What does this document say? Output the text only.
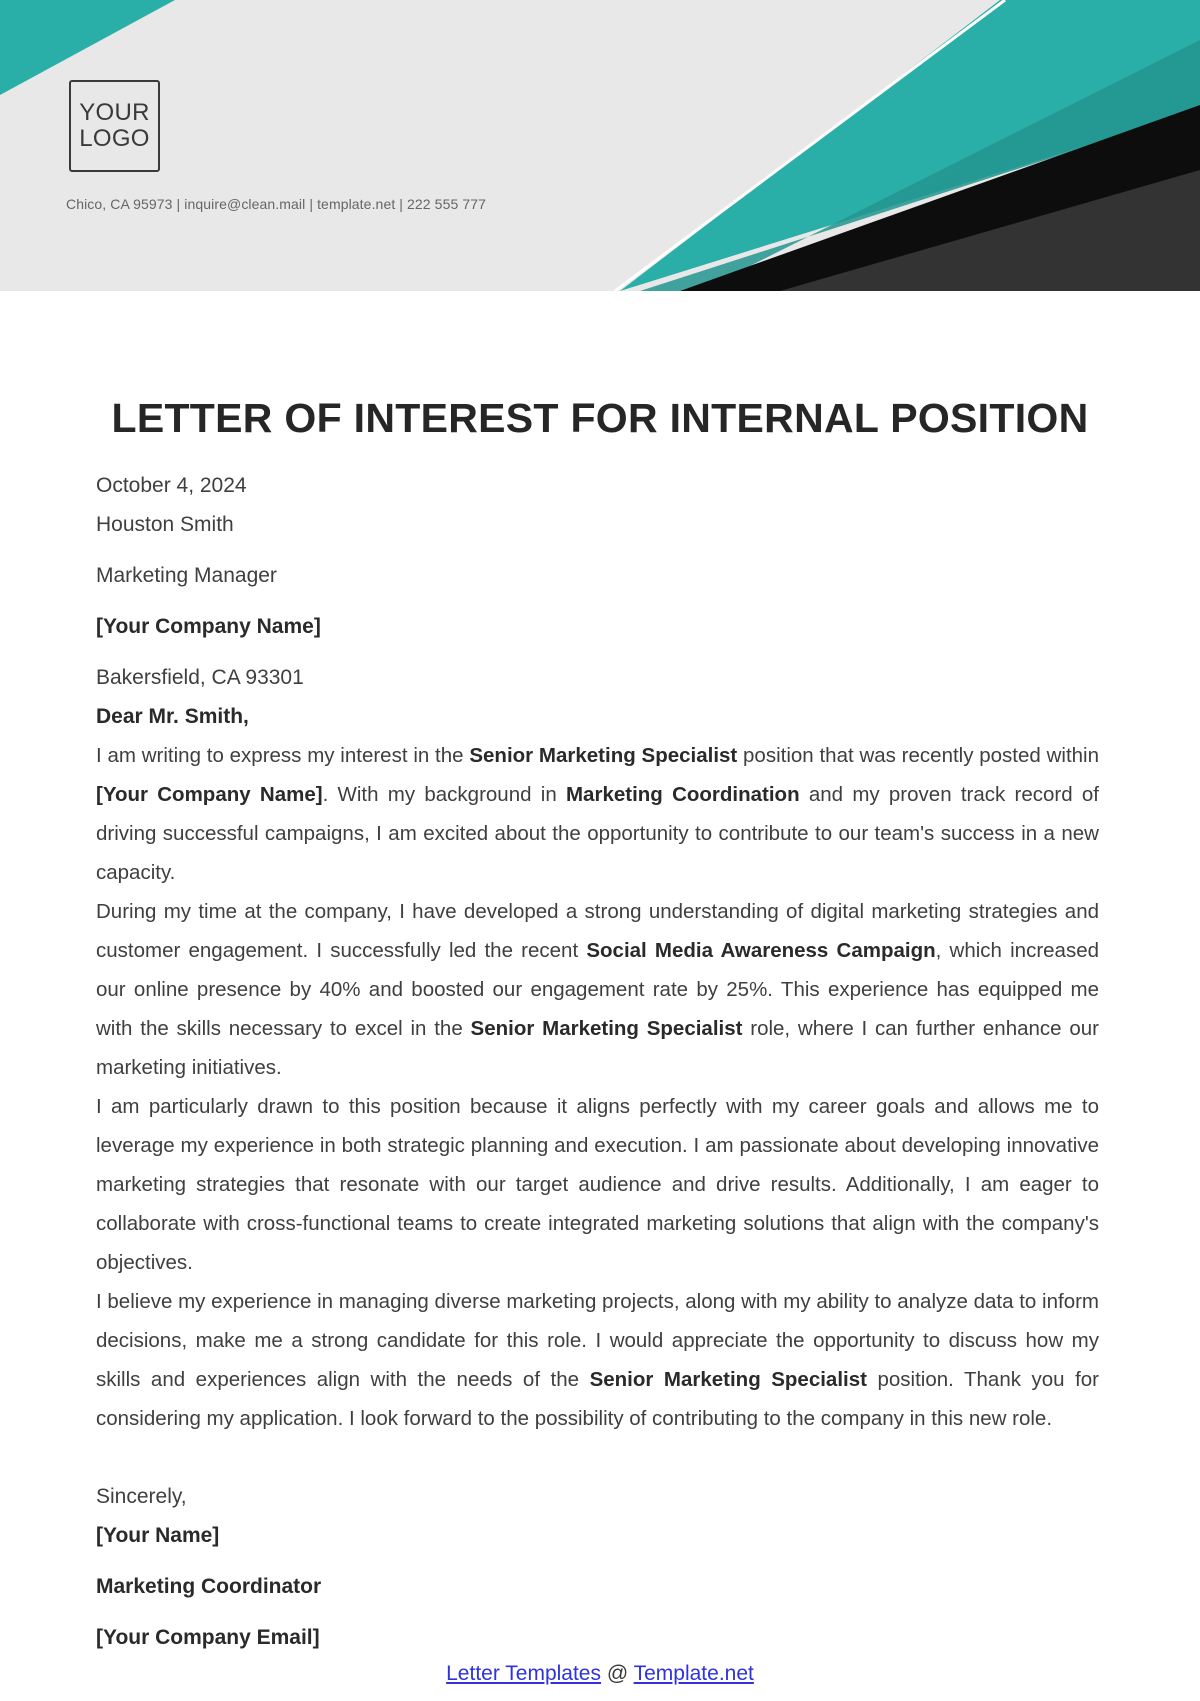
YOUR
LOGO
Chico, CA 95973 | inquire@clean.mail | template.net | 222 555 777
LETTER OF INTEREST FOR INTERNAL POSITION

October 4, 2024

Houston Smith

Marketing Manager

[Your Company Name]

Bakersfield, CA 93301

Dear Mr. Smith,

I am writing to express my interest in the Senior Marketing Specialist position that was recently posted within [Your Company Name]. With my background in Marketing Coordination and my proven track record of driving successful campaigns, I am excited about the opportunity to contribute to our team's success in a new capacity.

During my time at the company, I have developed a strong understanding of digital marketing strategies and customer engagement. I successfully led the recent Social Media Awareness Campaign, which increased our online presence by 40% and boosted our engagement rate by 25%. This experience has equipped me with the skills necessary to excel in the Senior Marketing Specialist role, where I can further enhance our marketing initiatives.

I am particularly drawn to this position because it aligns perfectly with my career goals and allows me to leverage my experience in both strategic planning and execution. I am passionate about developing innovative marketing strategies that resonate with our target audience and drive results. Additionally, I am eager to collaborate with cross-functional teams to create integrated marketing solutions that align with the company's objectives.

I believe my experience in managing diverse marketing projects, along with my ability to analyze data to inform decisions, make me a strong candidate for this role. I would appreciate the opportunity to discuss how my skills and experiences align with the needs of the Senior Marketing Specialist position. Thank you for considering my application. I look forward to the possibility of contributing to the company in this new role.

Sincerely,

[Your Name]

Marketing Coordinator

[Your Company Email]

Letter Templates @ Template.net
